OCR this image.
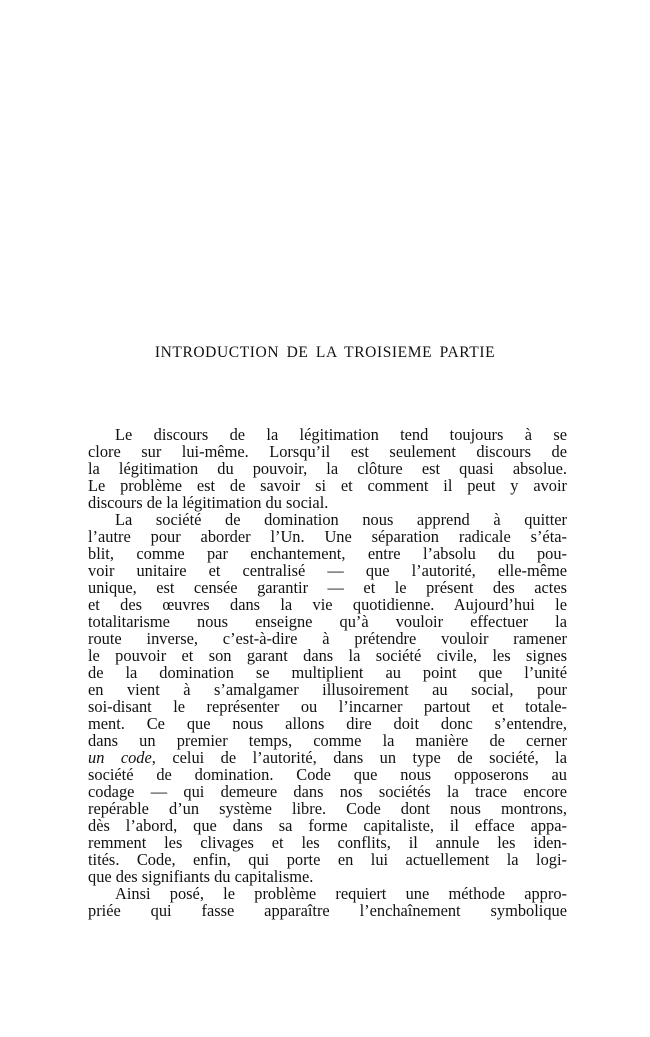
INTRODUCTION DE LA TROISIEME PARTIE
Le discours de la légitimation tend toujours à se
clore sur lui-même. Lorsqu’il est seulement discours de
la légitimation du pouvoir, la clôture est quasi absolue.
Le problème est de savoir si et comment il peut y avoir
discours de la légitimation du social.
La société de domination nous apprend à quitter
l’autre pour aborder l’Un. Une séparation radicale s’éta-
blit, comme par enchantement, entre l’absolu du pou-
voir unitaire et centralisé — que l’autorité, elle-même
unique, est censée garantir — et le présent des actes
et des œuvres dans la vie quotidienne. Aujourd’hui le
totalitarisme nous enseigne qu’à vouloir effectuer la
route inverse, c’est-à-dire à prétendre vouloir ramener
le pouvoir et son garant dans la société civile, les signes
de la domination se multiplient au point que l’unité
en vient à s’amalgamer illusoirement au social, pour
soi-disant le représenter ou l’incarner partout et totale-
ment. Ce que nous allons dire doit donc s’entendre,
dans un premier temps, comme la manière de cerner
un code, celui de l’autorité, dans un type de société, la
société de domination. Code que nous opposerons au
codage — qui demeure dans nos sociétés la trace encore
repérable d’un système libre. Code dont nous montrons,
dès l’abord, que dans sa forme capitaliste, il efface appa-
remment les clivages et les conflits, il annule les iden-
tités. Code, enfin, qui porte en lui actuellement la logi-
que des signifiants du capitalisme.
Ainsi posé, le problème requiert une méthode appro-
priée qui fasse apparaître l’enchaînement symbolique
